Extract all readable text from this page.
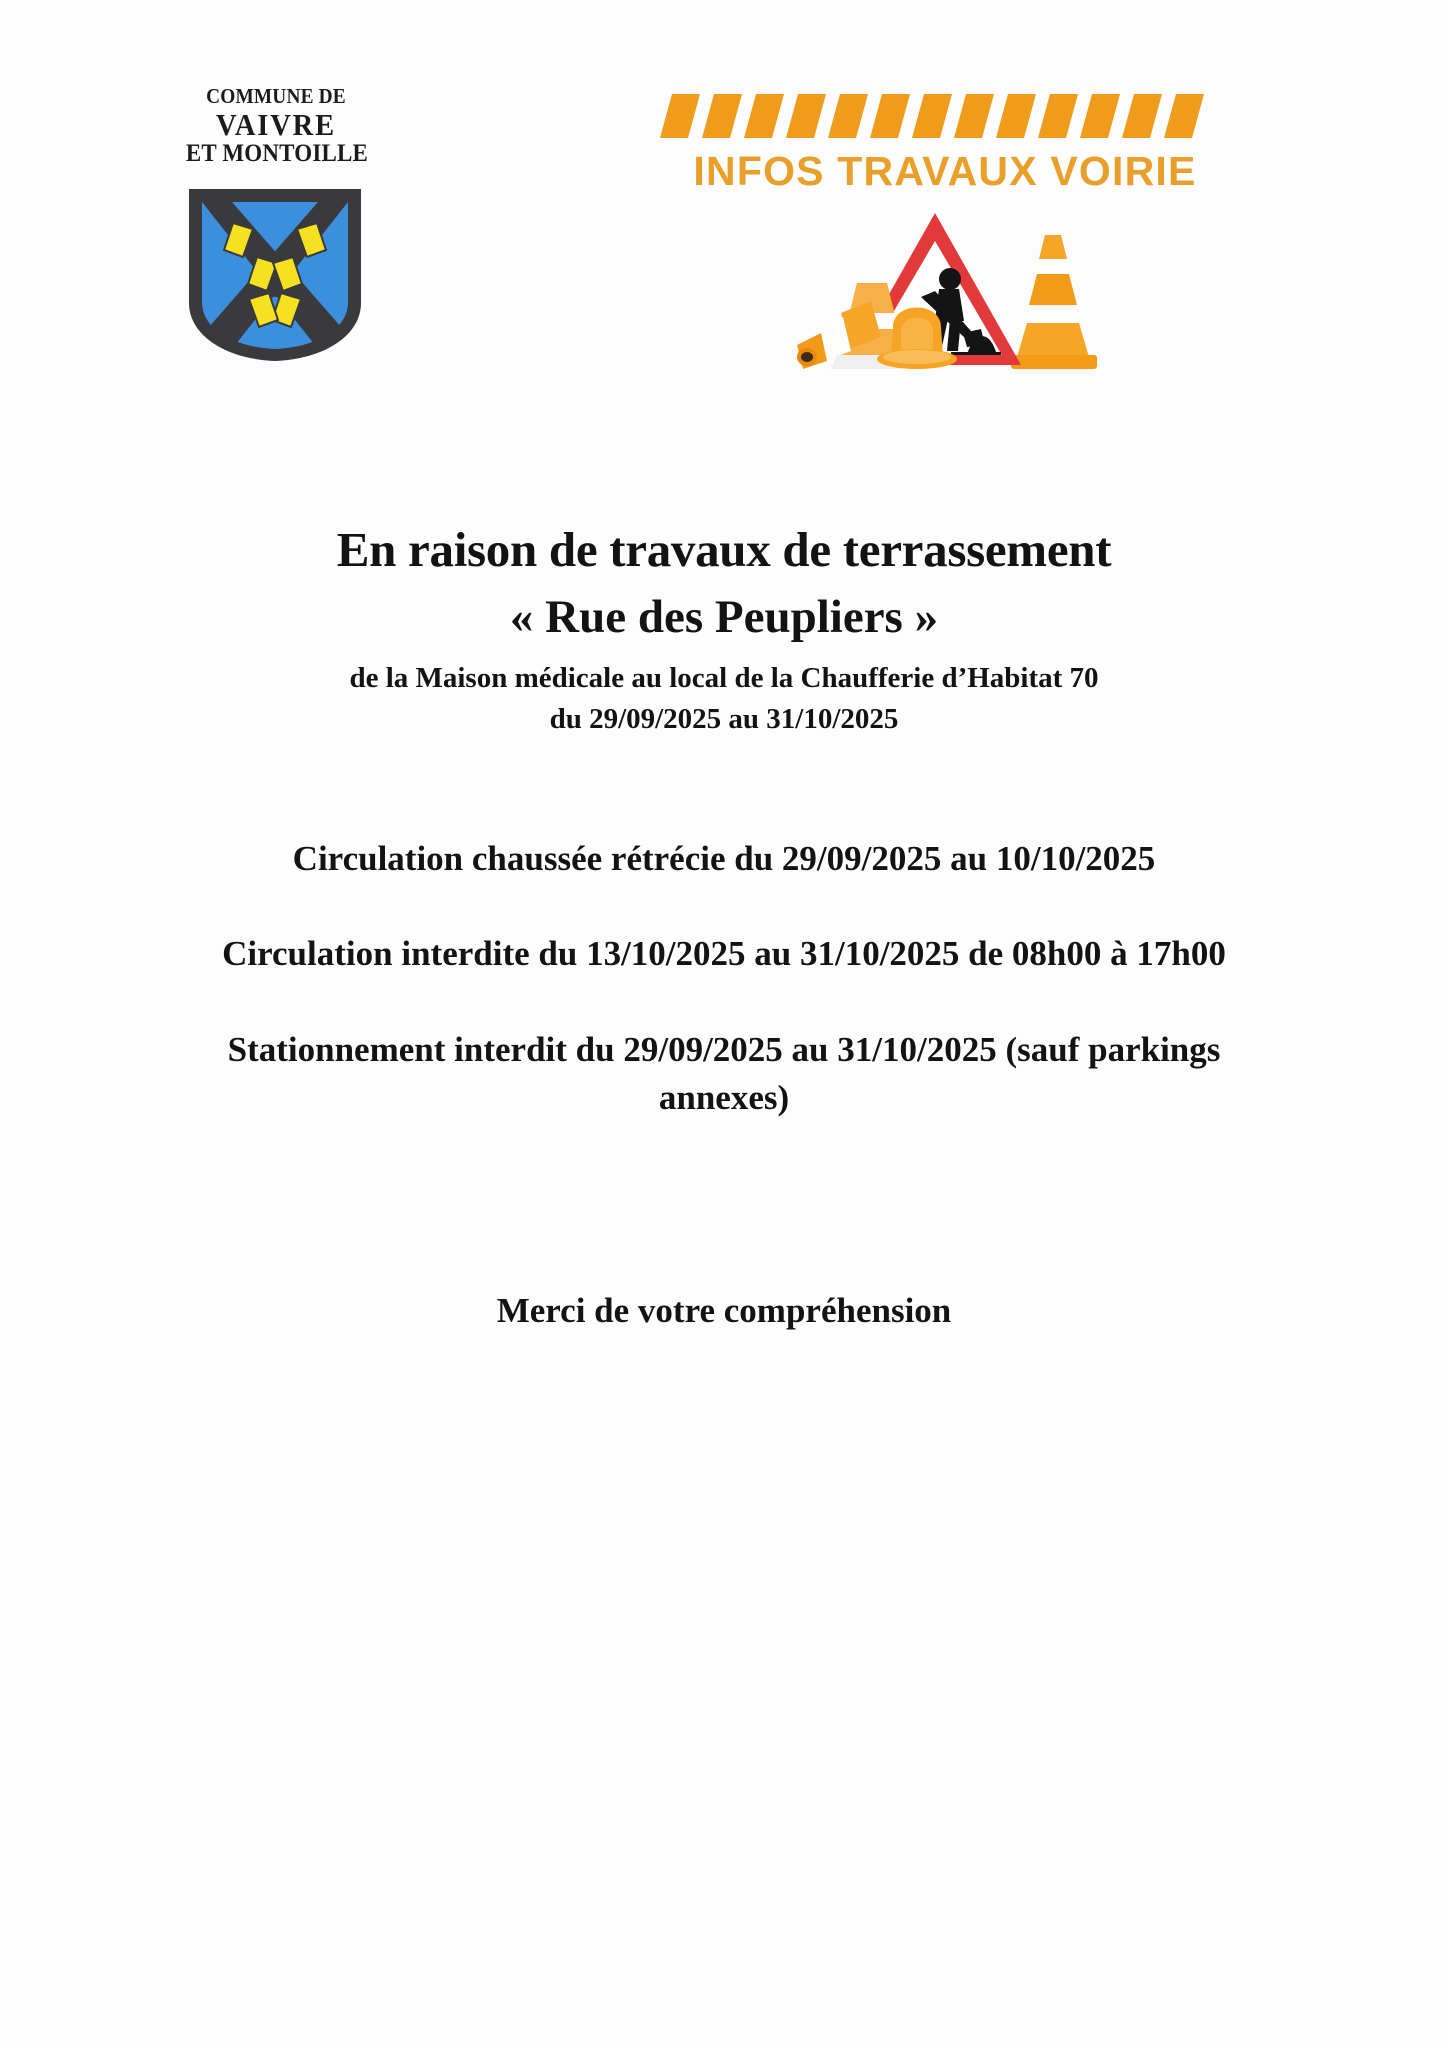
COMMUNE DE
VAIVRE
ET MONTOILLE	INFOS TRAVAUX VOIRIE

En raison de travaux de terrassement

« Rue des Peupliers »

de la Maison médicale au local de la Chaufferie d’Habitat 70

du 29/09/2025 au 31/10/2025

Circulation chaussée rétrécie du 29/09/2025 au 10/10/2025

Circulation interdite du 13/10/2025 au 31/10/2025 de 08h00 à 17h00

Stationnement interdit du 29/09/2025 au 31/10/2025 (sauf parkings annexes)

Merci de votre compréhension
